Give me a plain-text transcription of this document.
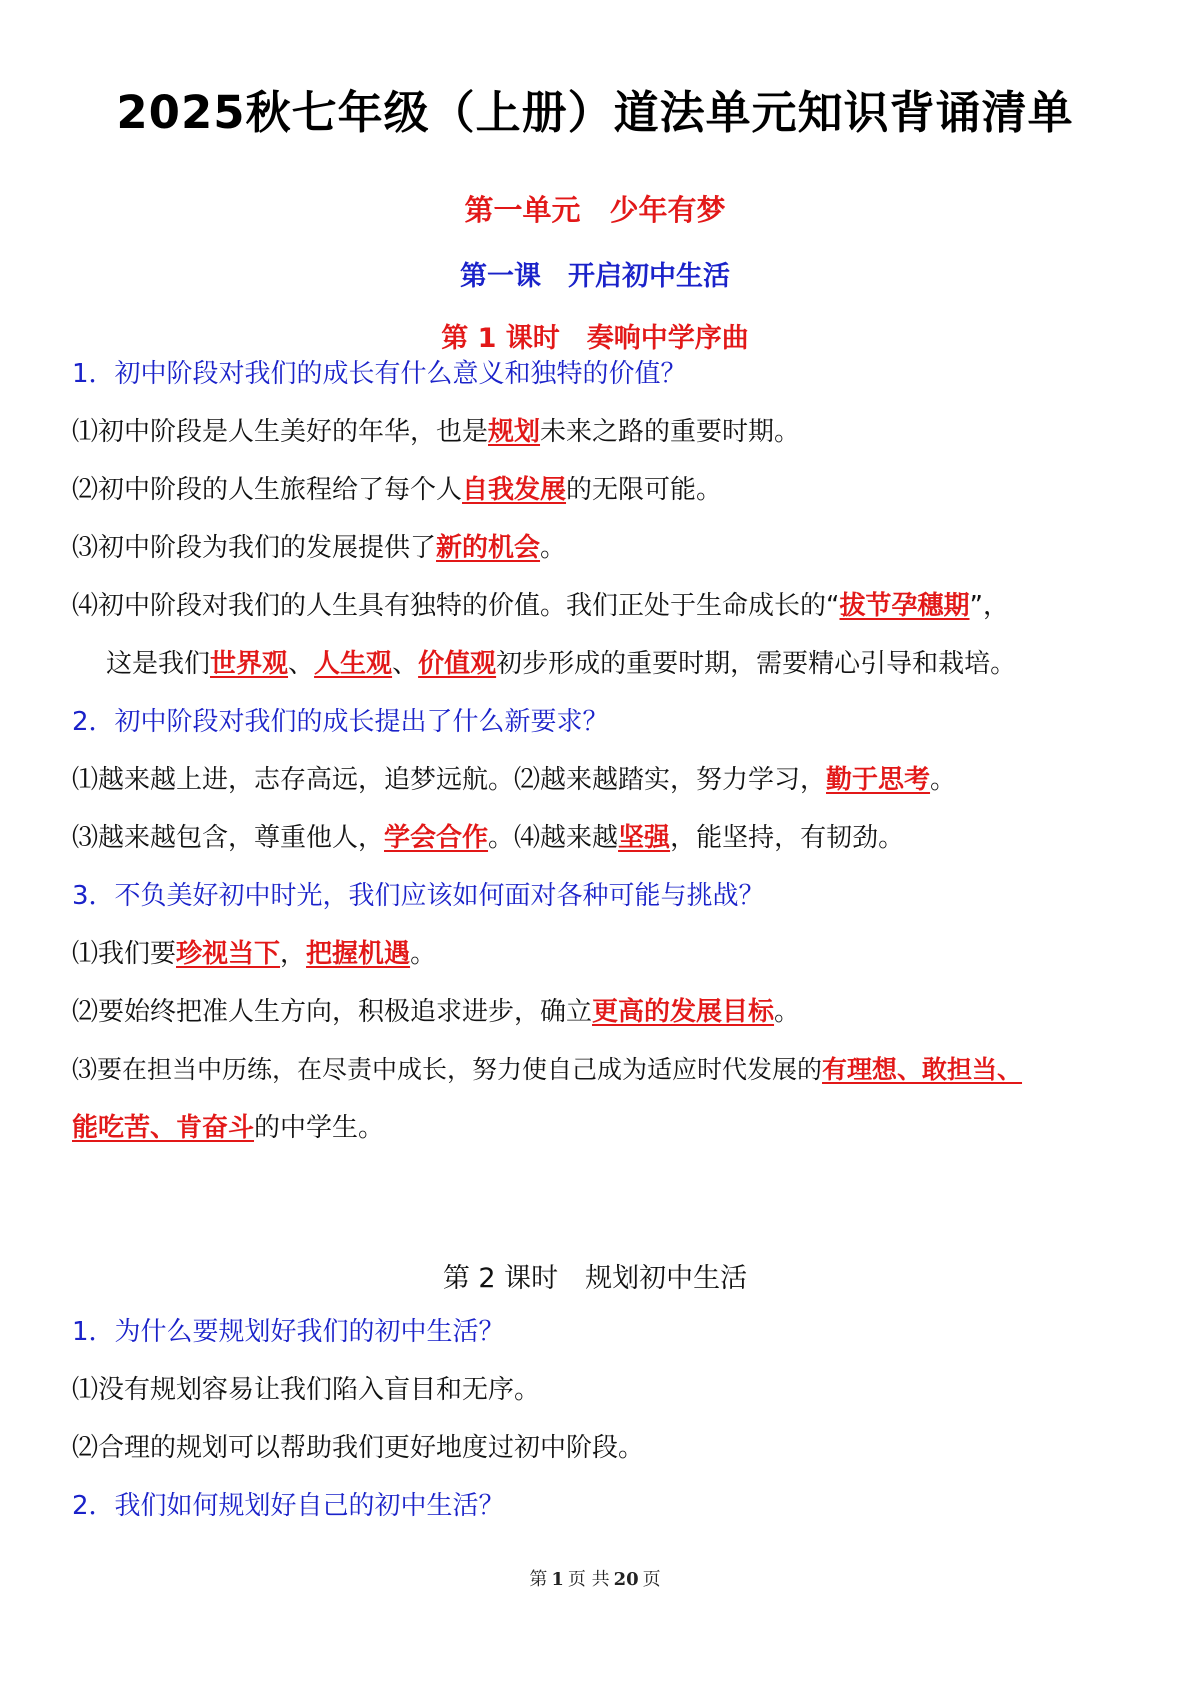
2025秋七年级（上册）道法单元知识背诵清单
第一单元　少年有梦
第一课　开启初中生活
第 1 课时　奏响中学序曲
1．初中阶段对我们的成长有什么意义和独特的价值？
⑴初中阶段是人生美好的年华，也是规划未来之路的重要时期。
⑵初中阶段的人生旅程给了每个人自我发展的无限可能。
⑶初中阶段为我们的发展提供了新的机会。
⑷初中阶段对我们的人生具有独特的价值。我们正处于生命成长的“拔节孕穗期”，
这是我们世界观、人生观、价值观初步形成的重要时期，需要精心引导和栽培。
2．初中阶段对我们的成长提出了什么新要求？
⑴越来越上进，志存高远，追梦远航。⑵越来越踏实，努力学习，勤于思考。
⑶越来越包含，尊重他人，学会合作。⑷越来越坚强，能坚持，有韧劲。
3．不负美好初中时光，我们应该如何面对各种可能与挑战？
⑴我们要珍视当下，把握机遇。
⑵要始终把准人生方向，积极追求进步，确立更高的发展目标。
⑶要在担当中历练，在尽责中成长，努力使自己成为适应时代发展的有理想、敢担当、
能吃苦、肯奋斗的中学生。
第 2 课时　规划初中生活
1．为什么要规划好我们的初中生活？
⑴没有规划容易让我们陷入盲目和无序。
⑵合理的规划可以帮助我们更好地度过初中阶段。
2．我们如何规划好自己的初中生活？
第 1 页 共 20 页
